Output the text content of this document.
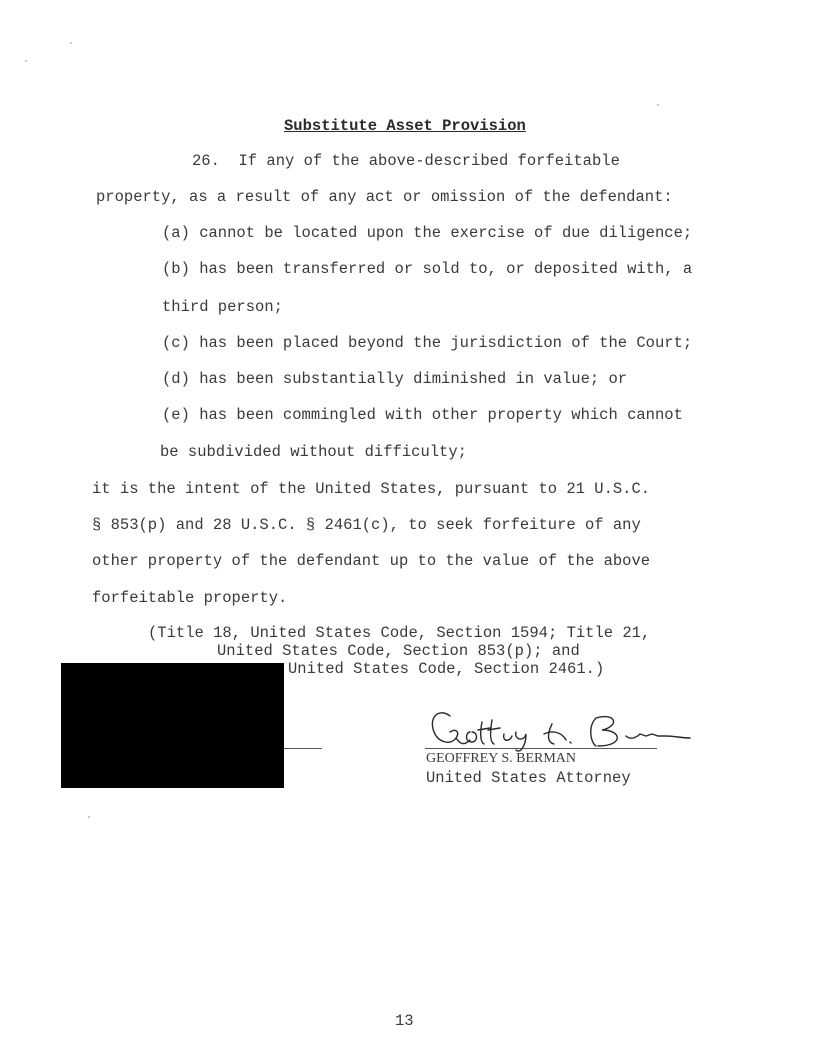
Substitute Asset Provision
26.  If any of the above-described forfeitable
property, as a result of any act or omission of the defendant:
(a) cannot be located upon the exercise of due diligence;
(b) has been transferred or sold to, or deposited with, a
third person;
(c) has been placed beyond the jurisdiction of the Court;
(d) has been substantially diminished in value; or
(e) has been commingled with other property which cannot
be subdivided without difficulty;
it is the intent of the United States, pursuant to 21 U.S.C.
§ 853(p) and 28 U.S.C. § 2461(c), to seek forfeiture of any
other property of the defendant up to the value of the above
forfeitable property.
(Title 18, United States Code, Section 1594; Title 21,
United States Code, Section 853(p); and
United States Code, Section 2461.)
GEOFFREY S. BERMAN
United States Attorney
13
